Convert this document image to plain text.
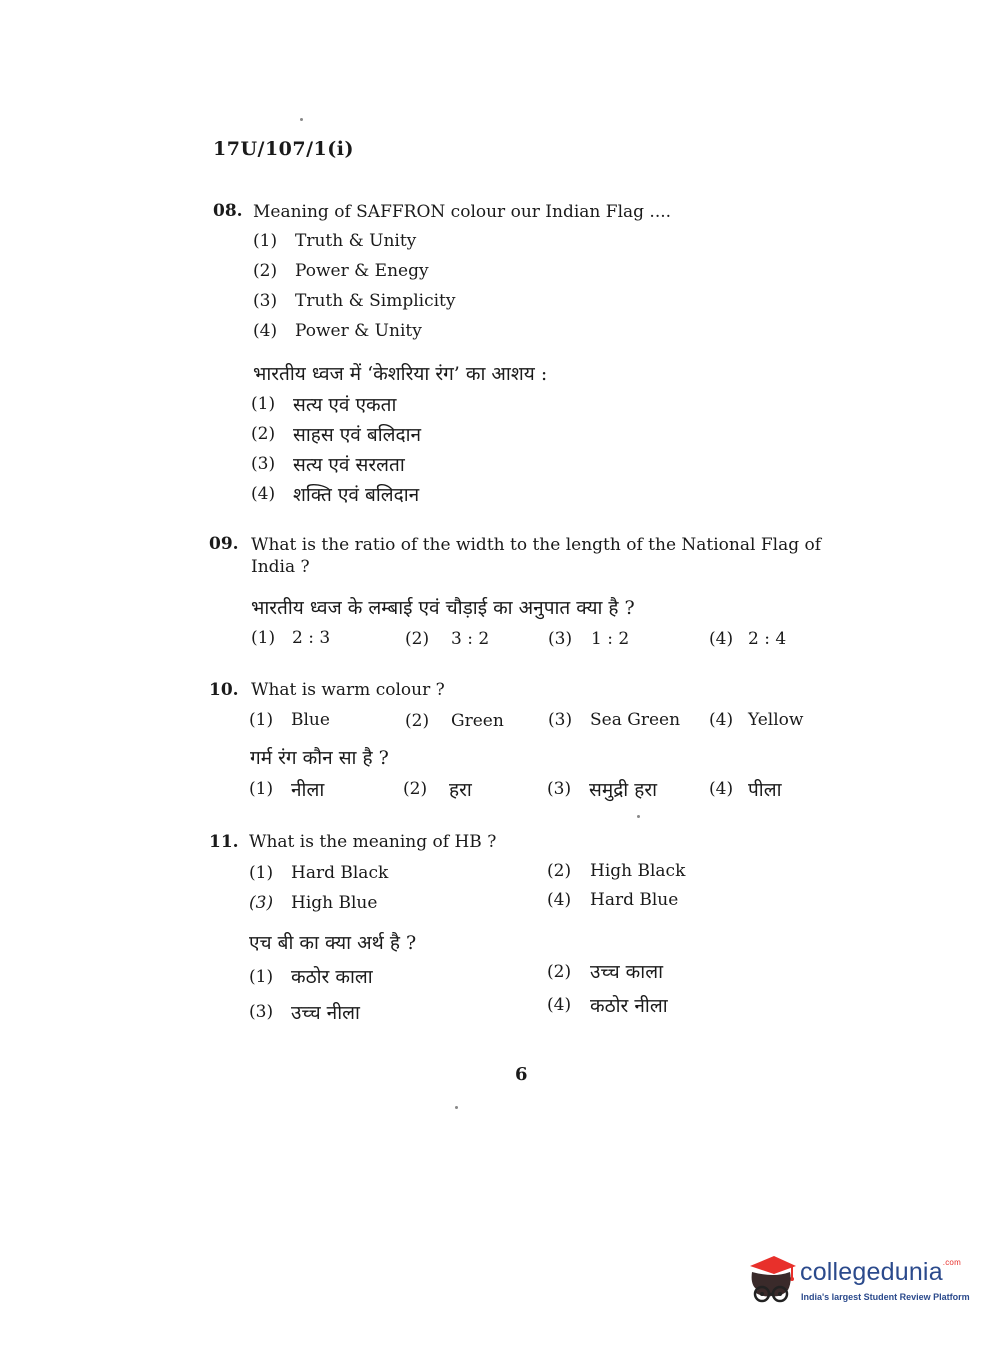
17U/107/1(i)
08. Meaning of SAFFRON colour our Indian Flag ....
(1) Truth & Unity
(2) Power & Enegy
(3) Truth & Simplicity
(4) Power & Unity
भारतीय ध्वज में ‘केशरिया रंग’ का आशय :
(1) सत्य एवं एकता
(2) साहस एवं बलिदान
(3) सत्य एवं सरलता
(4) शक्ति एवं बलिदान
09. What is the ratio of the width to the length of the National Flag of
India ?
भारतीय ध्वज के लम्बाई एवं चौड़ाई का अनुपात क्या है ?
(1) 2 : 3	(2) 3 : 2	(3) 1 : 2	(4) 2 : 4
10. What is warm colour ?
(1) Blue	(2) Green	(3) Sea Green (4) Yellow
गर्म रंग कौन सा है ?
(1) नीला	(2) हरा	(3) समुद्री हरा	(4) पीला
11. What is the meaning of HB ?
(1) Hard Black	(2) High Black
(3) High Blue	(4) Hard Blue
एच बी का क्या अर्थ है ?
(1) कठोर काला	(2) उच्च काला
(3) उच्च नीला	(4) कठोर नीला
6
collegedunia$^{.com}$
India's largest Student Review Platform
